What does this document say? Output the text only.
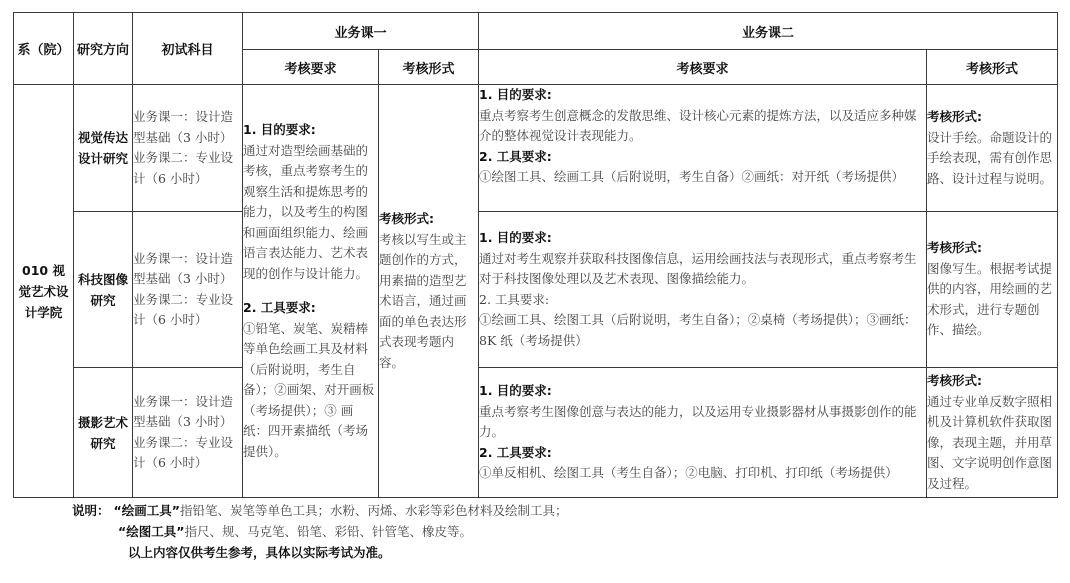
系（院）	研究方向	初试科目	业务课一		业务课二	
			考核要求	考核形式	考核要求	考核形式

010 视觉艺术设计学院	视觉传达设计研究	业务课一：设计造型基础（3 小时）业务课二：专业设计（6 小时）	1. 目的要求:
通过对造型绘画基础的考核，重点考察考生的观察生活和提炼思考的能力，以及考生的构图和画面组织能力、绘画语言表达能力、艺术表现的创作与设计能力。
2. 工具要求:
①铅笔、炭笔、炭精棒等单色绘画工具及材料（后附说明，考生自备）；②画架、对开画板（考场提供）；③ 画纸：四开素描纸（考场提供）。	考核形式:
考核以写生或主题创作的方式，用素描的造型艺术语言，通过画面的单色表达形式表现考题内容。	1. 目的要求:
重点考察考生创意概念的发散思维、设计核心元素的提炼方法，以及适应多种媒介的整体视觉设计表现能力。
2. 工具要求:
①绘图工具、绘画工具（后附说明，考生自备）②画纸：对开纸（考场提供）	考核形式:
设计手绘。命题设计的手绘表现，需有创作思路、设计过程与说明。

	科技图像研究	业务课一：设计造型基础（3 小时）业务课二：专业设计（6 小时）			1. 目的要求:
通过对考生观察并获取科技图像信息，运用绘画技法与表现形式，重点考察考生对于科技图像处理以及艺术表现、图像描绘能力。
2. 工具要求:
①绘画工具、绘图工具（后附说明，考生自备）；②桌椅（考场提供）；③画纸：8K 纸（考场提供）	考核形式:
图像写生。根据考试提供的内容，用绘画的艺术形式，进行专题创作、描绘。

	摄影艺术研究	业务课一：设计造型基础（3 小时）业务课二：专业设计（6 小时）			1. 目的要求:
重点考察考生图像创意与表达的能力，以及运用专业摄影器材从事摄影创作的能力。
2. 工具要求:
①单反相机、绘图工具（考生自备）；②电脑、打印机、打印纸（考场提供）	考核形式:
通过专业单反数字照相机及计算机软件获取图像，表现主题，并用草图、文字说明创作意图及过程。
说明： “绘画工具”指铅笔、炭笔等单色工具；水粉、丙烯、水彩等彩色材料及绘制工具；
“绘图工具”指尺、规、马克笔、铅笔、彩铅、针管笔、橡皮等。
以上内容仅供考生参考，具体以实际考试为准。
